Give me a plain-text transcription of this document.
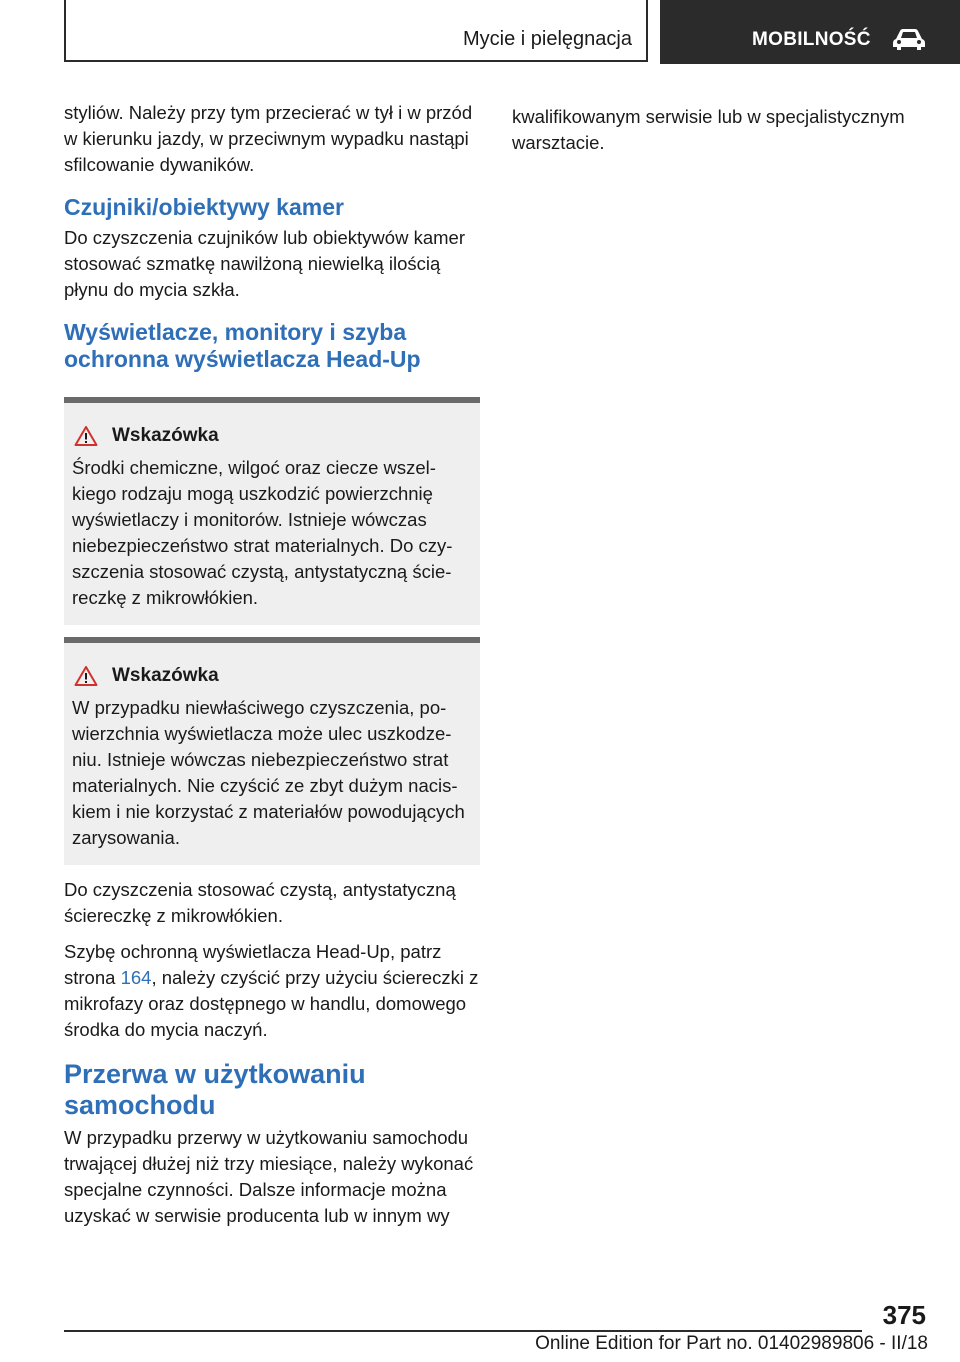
Mycie i pielęgnacja	MOBILNOŚĆ

styliów. Należy przy tym przecierać w tył i w przód w kierunku jazdy, w przeciwnym wypadku nastąpi sfilcowanie dywaników.

Czujniki/obiektywy kamer

Do czyszczenia czujników lub obiektywów kamer stosować szmatkę nawilżoną niewielką ilością płynu do mycia szkła.

Wyświetlacze, monitory i szyba ochronna wyświetlacza Head-Up
Wskazówka

Środki chemiczne, wilgoć oraz ciecze wszelkiego rodzaju mogą uszkodzić powierzchnię wyświetlaczy i monitorów. Istnieje wówczas niebezpieczeństwo strat materialnych. Do czyszczenia stosować czystą, antystatyczną ściereczkę z mikrowłókien.

Wskazówka

W przypadku niewłaściwego czyszczenia, powierzchnia wyświetlacza może ulec uszkodzeniu. Istnieje wówczas niebezpieczeństwo strat materialnych. Nie czyścić ze zbyt dużym naciskiem i nie korzystać z materiałów powodujących zarysowania.

Do czyszczenia stosować czystą, antystatyczną ściereczkę z mikrowłókien.

Szybę ochronną wyświetlacza Head-Up, patrz strona 164, należy czyścić przy użyciu ściereczki z mikrofazy oraz dostępnego w handlu, domowego środka do mycia naczyń.

Przerwa w użytkowaniu samochodu

W przypadku przerwy w użytkowaniu samochodu trwającej dłużej niż trzy miesiące, należy wykonać specjalne czynności. Dalsze informacje można uzyskać w serwisie producenta lub w innym wy

kwalifikowanym serwisie lub w specjalistycznym warsztacie.

375
Online Edition for Part no. 01402989806 - II/18
